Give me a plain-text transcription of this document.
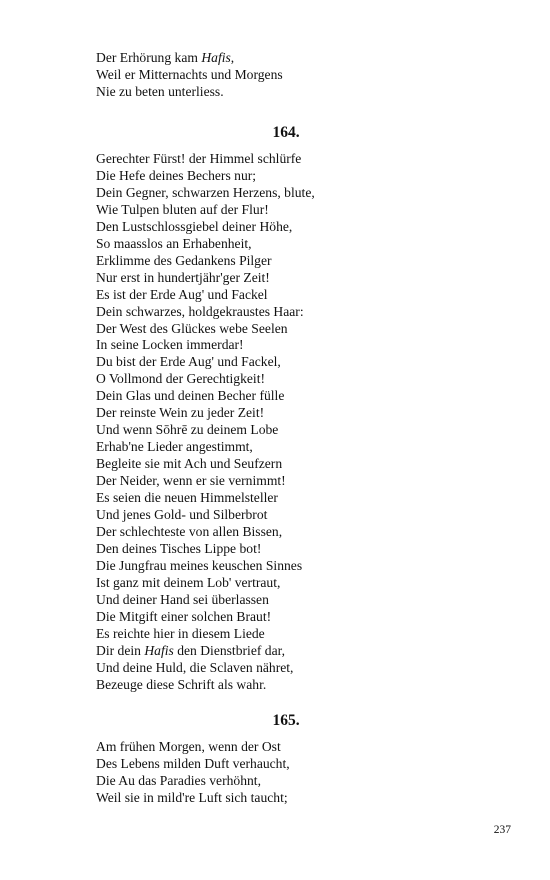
Der Erhörung kam Hafis,
Weil er Mitternachts und Morgens
Nie zu beten unterliess.
164.
Gerechter Fürst! der Himmel schlürfe
Die Hefe deines Bechers nur;
Dein Gegner, schwarzen Herzens, blute,
Wie Tulpen bluten auf der Flur!
Den Lustschlossgiebel deiner Höhe,
So maasslos an Erhabenheit,
Erklimme des Gedankens Pilger
Nur erst in hundertjähr'ger Zeit!
Es ist der Erde Aug' und Fackel
Dein schwarzes, holdgekraustes Haar:
Der West des Glückes webe Seelen
In seine Locken immerdar!
Du bist der Erde Aug' und Fackel,
O Vollmond der Gerechtigkeit!
Dein Glas und deinen Becher fülle
Der reinste Wein zu jeder Zeit!
Und wenn Sōhrē zu deinem Lobe
Erhab'ne Lieder angestimmt,
Begleite sie mit Ach und Seufzern
Der Neider, wenn er sie vernimmt!
Es seien die neuen Himmelsteller
Und jenes Gold- und Silberbrot
Der schlechteste von allen Bissen,
Den deines Tisches Lippe bot!
Die Jungfrau meines keuschen Sinnes
Ist ganz mit deinem Lob' vertraut,
Und deiner Hand sei überlassen
Die Mitgift einer solchen Braut!
Es reichte hier in diesem Liede
Dir dein Hafis den Dienstbrief dar,
Und deine Huld, die Sclaven nähret,
Bezeuge diese Schrift als wahr.
165.
Am frühen Morgen, wenn der Ost
Des Lebens milden Duft verhaucht,
Die Au das Paradies verhöhnt,
Weil sie in mild're Luft sich taucht;
237
